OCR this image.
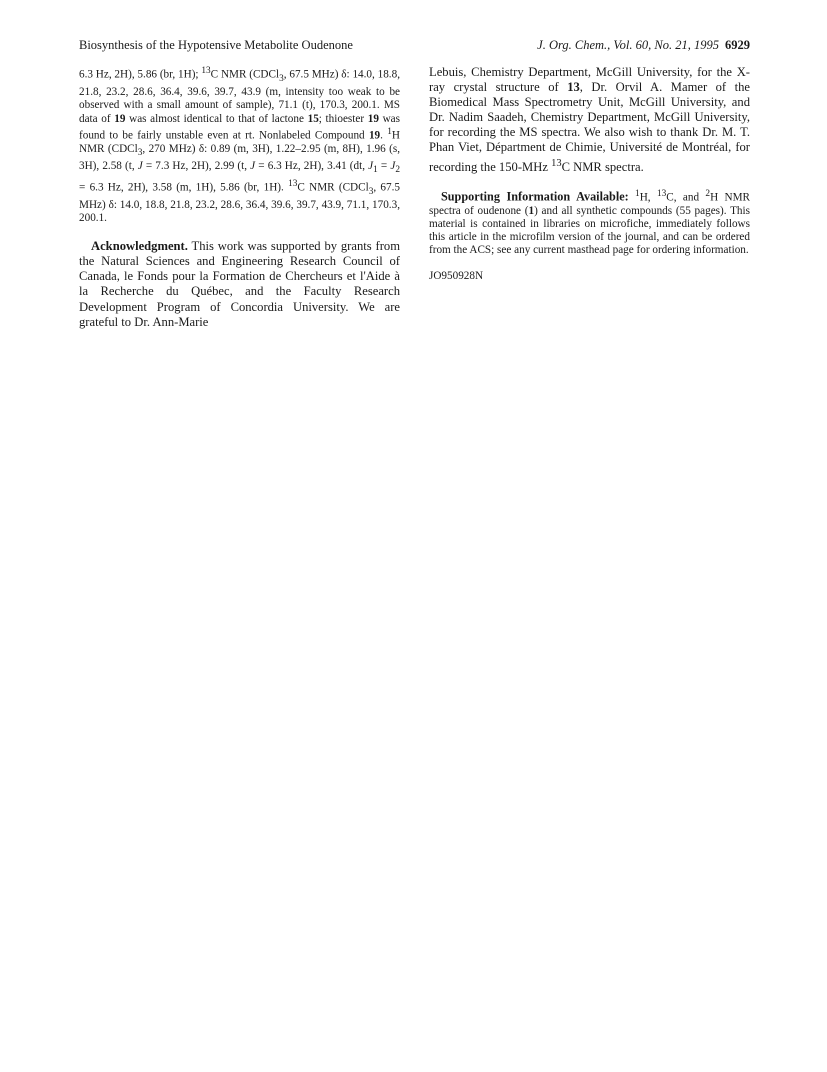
Biosynthesis of the Hypotensive Metabolite Oudenone	J. Org. Chem., Vol. 60, No. 21, 1995 6929

6.3 Hz, 2H), 5.86 (br, 1H); $^{13}$C NMR (CDCl$_3$, 67.5 MHz) δ: 14.0, 18.8, 21.8, 23.2, 28.6, 36.4, 39.6, 39.7, 43.9 (m, intensity too weak to be observed with a small amount of sample), 71.1 (t), 170.3, 200.1. MS data of 19 was almost identical to that of lactone 15; thioester 19 was found to be fairly unstable even at rt. Nonlabeled Compound 19. $^1$H NMR (CDCl$_3$, 270 MHz) δ: 0.89 (m, 3H), 1.22–2.95 (m, 8H), 1.96 (s, 3H), 2.58 (t, J = 7.3 Hz, 2H), 2.99 (t, J = 6.3 Hz, 2H), 3.41 (dt, $J_1 = J_2 = 6.3$ Hz, 2H), 3.58 (m, 1H), 5.86 (br, 1H). $^{13}$C NMR (CDCl$_3$, 67.5 MHz) δ: 14.0, 18.8, 21.8, 23.2, 28.6, 36.4, 39.6, 39.7, 43.9, 71.1, 170.3, 200.1.

Acknowledgment. This work was supported by grants from the Natural Sciences and Engineering Research Council of Canada, le Fonds pour la Formation de Chercheurs et l'Aide à la Recherche du Québec, and the Faculty Research Development Program of Concordia University. We are grateful to Dr. Ann-Marie

Lebuis, Chemistry Department, McGill University, for the X-ray crystal structure of 13, Dr. Orvil A. Mamer of the Biomedical Mass Spectrometry Unit, McGill University, and Dr. Nadim Saadeh, Chemistry Department, McGill University, for recording the MS spectra. We also wish to thank Dr. M. T. Phan Viet, Départment de Chimie, Université de Montréal, for recording the 150-MHz $^{13}$C NMR spectra.

Supporting Information Available: $^1$H, $^{13}$C, and $^2$H NMR spectra of oudenone (1) and all synthetic compounds (55 pages). This material is contained in libraries on microfiche, immediately follows this article in the microfilm version of the journal, and can be ordered from the ACS; see any current masthead page for ordering information.

JO950928N
